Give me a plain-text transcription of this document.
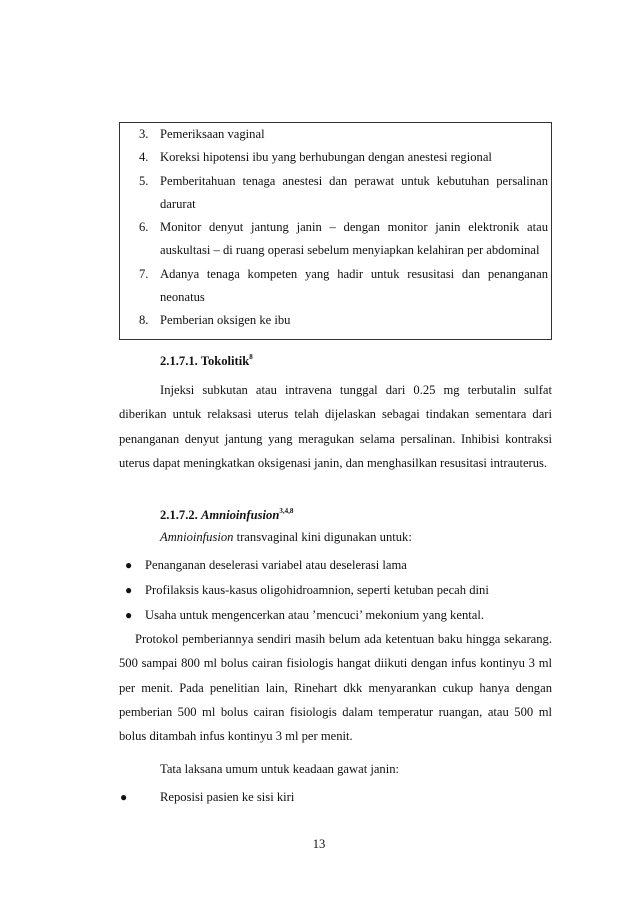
3. Pemeriksaan vaginal
4. Koreksi hipotensi ibu yang berhubungan dengan anestesi regional
5. Pemberitahuan tenaga anestesi dan perawat untuk kebutuhan persalinan darurat
6. Monitor denyut jantung janin – dengan monitor janin elektronik atau auskultasi – di ruang operasi sebelum menyiapkan kelahiran per abdominal
7. Adanya tenaga kompeten yang hadir untuk resusitasi dan penanganan neonatus
8. Pemberian oksigen ke ibu
2.1.7.1. Tokolitik$^8$

Injeksi subkutan atau intravena tunggal dari 0.25 mg terbutalin sulfat diberikan untuk relaksasi uterus telah dijelaskan sebagai tindakan sementara dari penanganan denyut jantung yang meragukan selama persalinan. Inhibisi kontraksi uterus dapat meningkatkan oksigenasi janin, dan menghasilkan resusitasi intrauterus.

2.1.7.2. Amnioinfusion$^{3,4,8}$
Amnioinfusion transvaginal kini digunakan untuk:
● Penanganan deselerasi variabel atau deselerasi lama
● Profilaksis kaus-kasus oligohidroamnion, seperti ketuban pecah dini
● Usaha untuk mengencerkan atau ’mencuci’ mekonium yang kental.

Protokol pemberiannya sendiri masih belum ada ketentuan baku hingga sekarang. 500 sampai 800 ml bolus cairan fisiologis hangat diikuti dengan infus kontinyu 3 ml per menit. Pada penelitian lain, Rinehart dkk menyarankan cukup hanya dengan pemberian 500 ml bolus cairan fisiologis dalam temperatur ruangan, atau 500 ml bolus ditambah infus kontinyu 3 ml per menit.

Tata laksana umum untuk keadaan gawat janin:
●	Reposisi pasien ke sisi kiri
13
